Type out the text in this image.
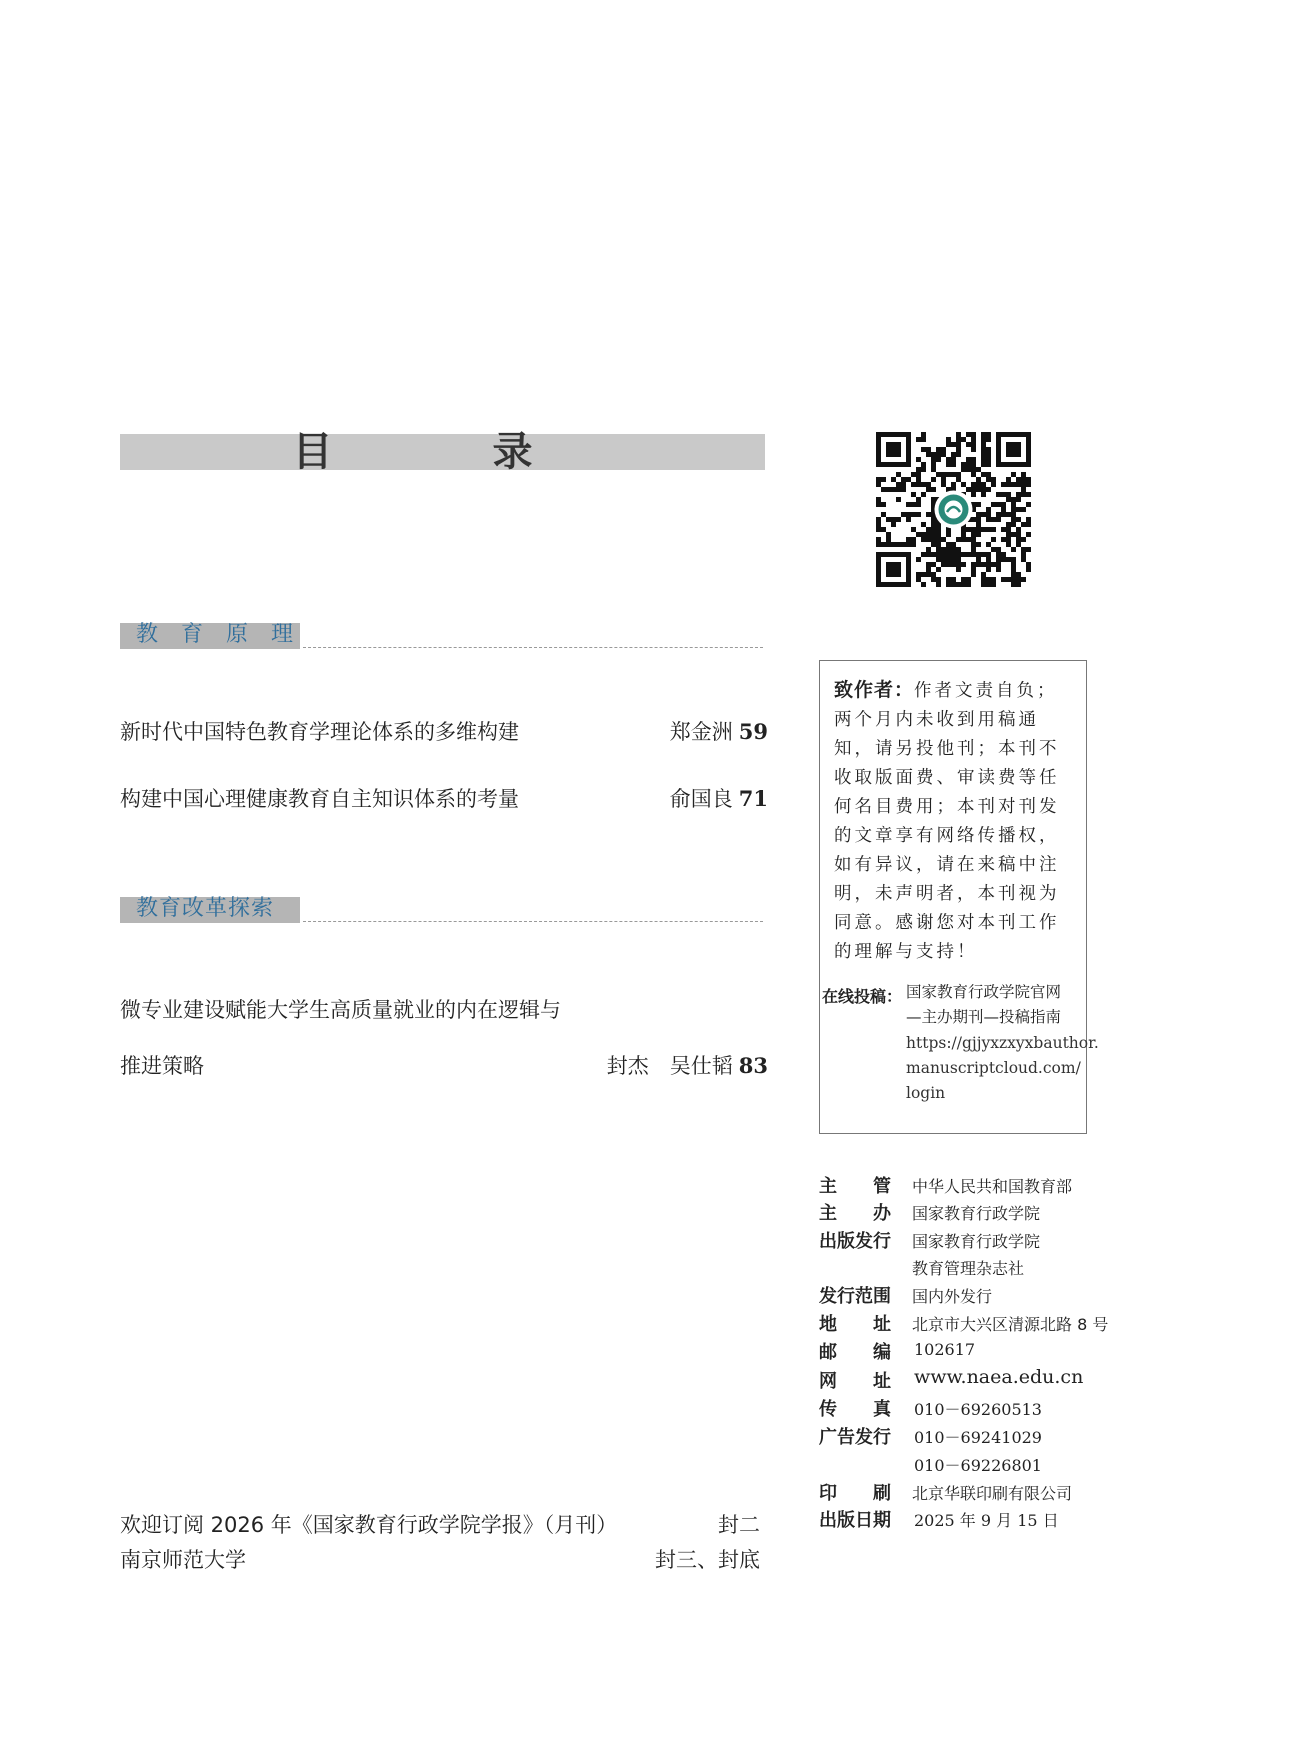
目　录
教 育 原 理
新时代中国特色教育学理论体系的多维构建	郑金洲 59
构建中国心理健康教育自主知识体系的考量	俞国良 71
教育改革探索
微专业建设赋能大学生高质量就业的内在逻辑与
推进策略	封杰　吴仕韬 83
致作者：作者文责自负；
两个月内未收到用稿通
知，请另投他刊；本刊不
收取版面费、审读费等任
何名目费用；本刊对刊发
的文章享有网络传播权，
如有异议，请在来稿中注
明，未声明者，本刊视为
同意。感谢您对本刊工作
的理解与支持！
在线投稿： 国家教育行政学院官网
—主办期刊—投稿指南
https://gjjyxzxyxbauthor.
manuscriptcloud.com/
login
主　　管 中华人民共和国教育部
主　　办 国家教育行政学院
出版发行 国家教育行政学院
教育管理杂志社
发行范围 国内外发行
地　　址 北京市大兴区清源北路 8 号
邮　　编 102617
网　　址 www.naea.edu.cn
传　　真 010－69260513
广告发行 010－69241029
010－69226801
印　　刷 北京华联印刷有限公司
出版日期 2025 年 9 月 15 日
欢迎订阅 2026 年《国家教育行政学院学报》（月刊）	封二
南京师范大学	封三、封底
